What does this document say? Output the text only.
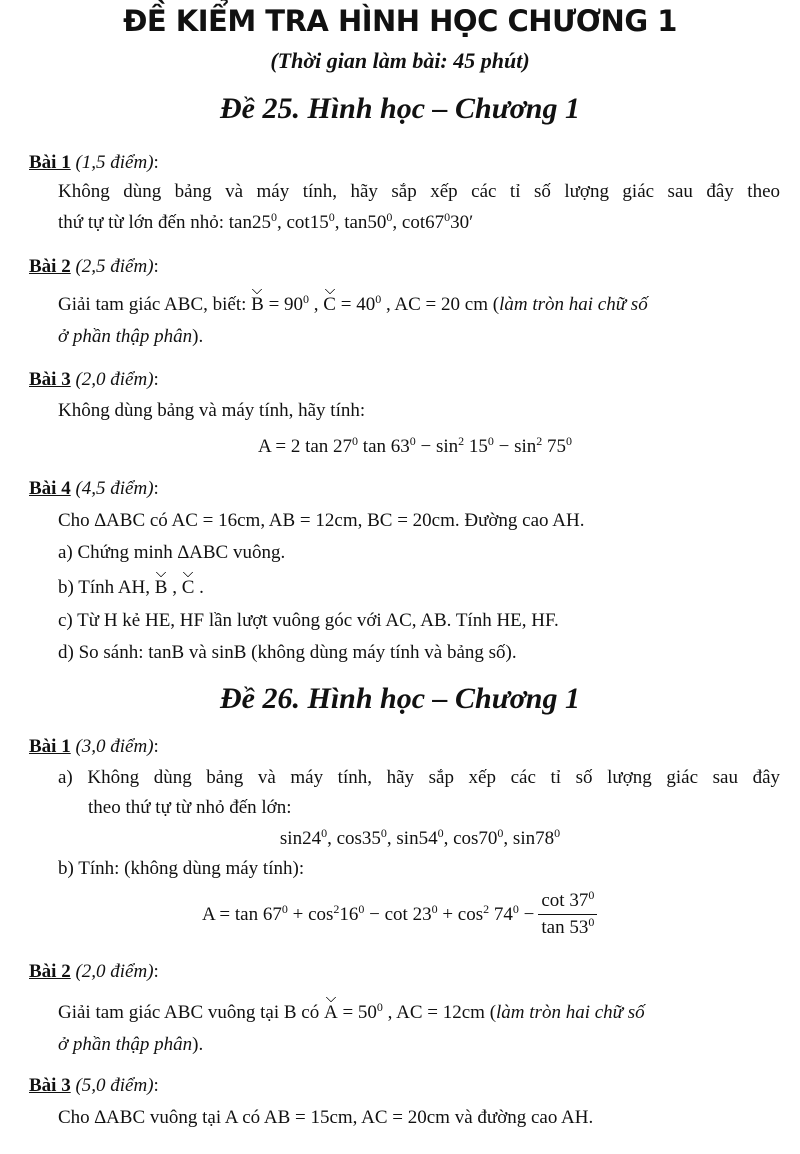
ĐỀ KIỂM TRA HÌNH HỌC CHƯƠNG 1
(Thời gian làm bài: 45 phút)
Đề 25. Hình học – Chương 1
Bài 1 (1,5 điểm):
Không dùng bảng và máy tính, hãy sắp xếp các tỉ số lượng giác sau đây theo
thứ tự từ lớn đến nhỏ: $\tan 25^0$, $\cot 15^0$, $\tan 50^0$, $\cot 67^030'$
Bài 2 (2,5 điểm):
Giải tam giác ABC, biết: $B = 90^0$ , $C = 40^0$ , AC = 20 cm (làm tròn hai chữ số
ở phần thập phân).
Bài 3 (2,0 điểm):
Không dùng bảng và máy tính, hãy tính:
A = 2 $\tan 27^0$ $\tan 63^0 - \sin^2 15^0 - \sin^2 75^0$
Bài 4 (4,5 điểm):
Cho ∆ABC có AC = 16cm, AB = 12cm, BC = 20cm. Đường cao AH.
a) Chứng minh ∆ABC vuông.
b) Tính AH, B , C .
c) Từ H kẻ HE, HF lần lượt vuông góc với AC, AB. Tính HE, HF.
d) So sánh: tanB và sinB (không dùng máy tính và bảng số).
Đề 26. Hình học – Chương 1
Bài 1 (3,0 điểm):
a) Không dùng bảng và máy tính, hãy sắp xếp các tỉ số lượng giác sau đây
theo thứ tự từ nhỏ đến lớn:
$\sin 24^0$, $\cos 35^0$, $\sin 54^0$, $\cos 70^0$, $\sin 78^0$
b) Tính: (không dùng máy tính):
$A = \tan 67^0 + \cos^216^0 - \cot 23^0 + \cos^2 74^0 - \frac{\cot 37^0}{\tan 53^0}$
Bài 2 (2,0 điểm):
Giải tam giác ABC vuông tại B có $A = 50^0$ , AC = 12cm (làm tròn hai chữ số
ở phần thập phân).
Bài 3 (5,0 điểm):
Cho ∆ABC vuông tại A có AB = 15cm, AC = 20cm và đường cao AH.
